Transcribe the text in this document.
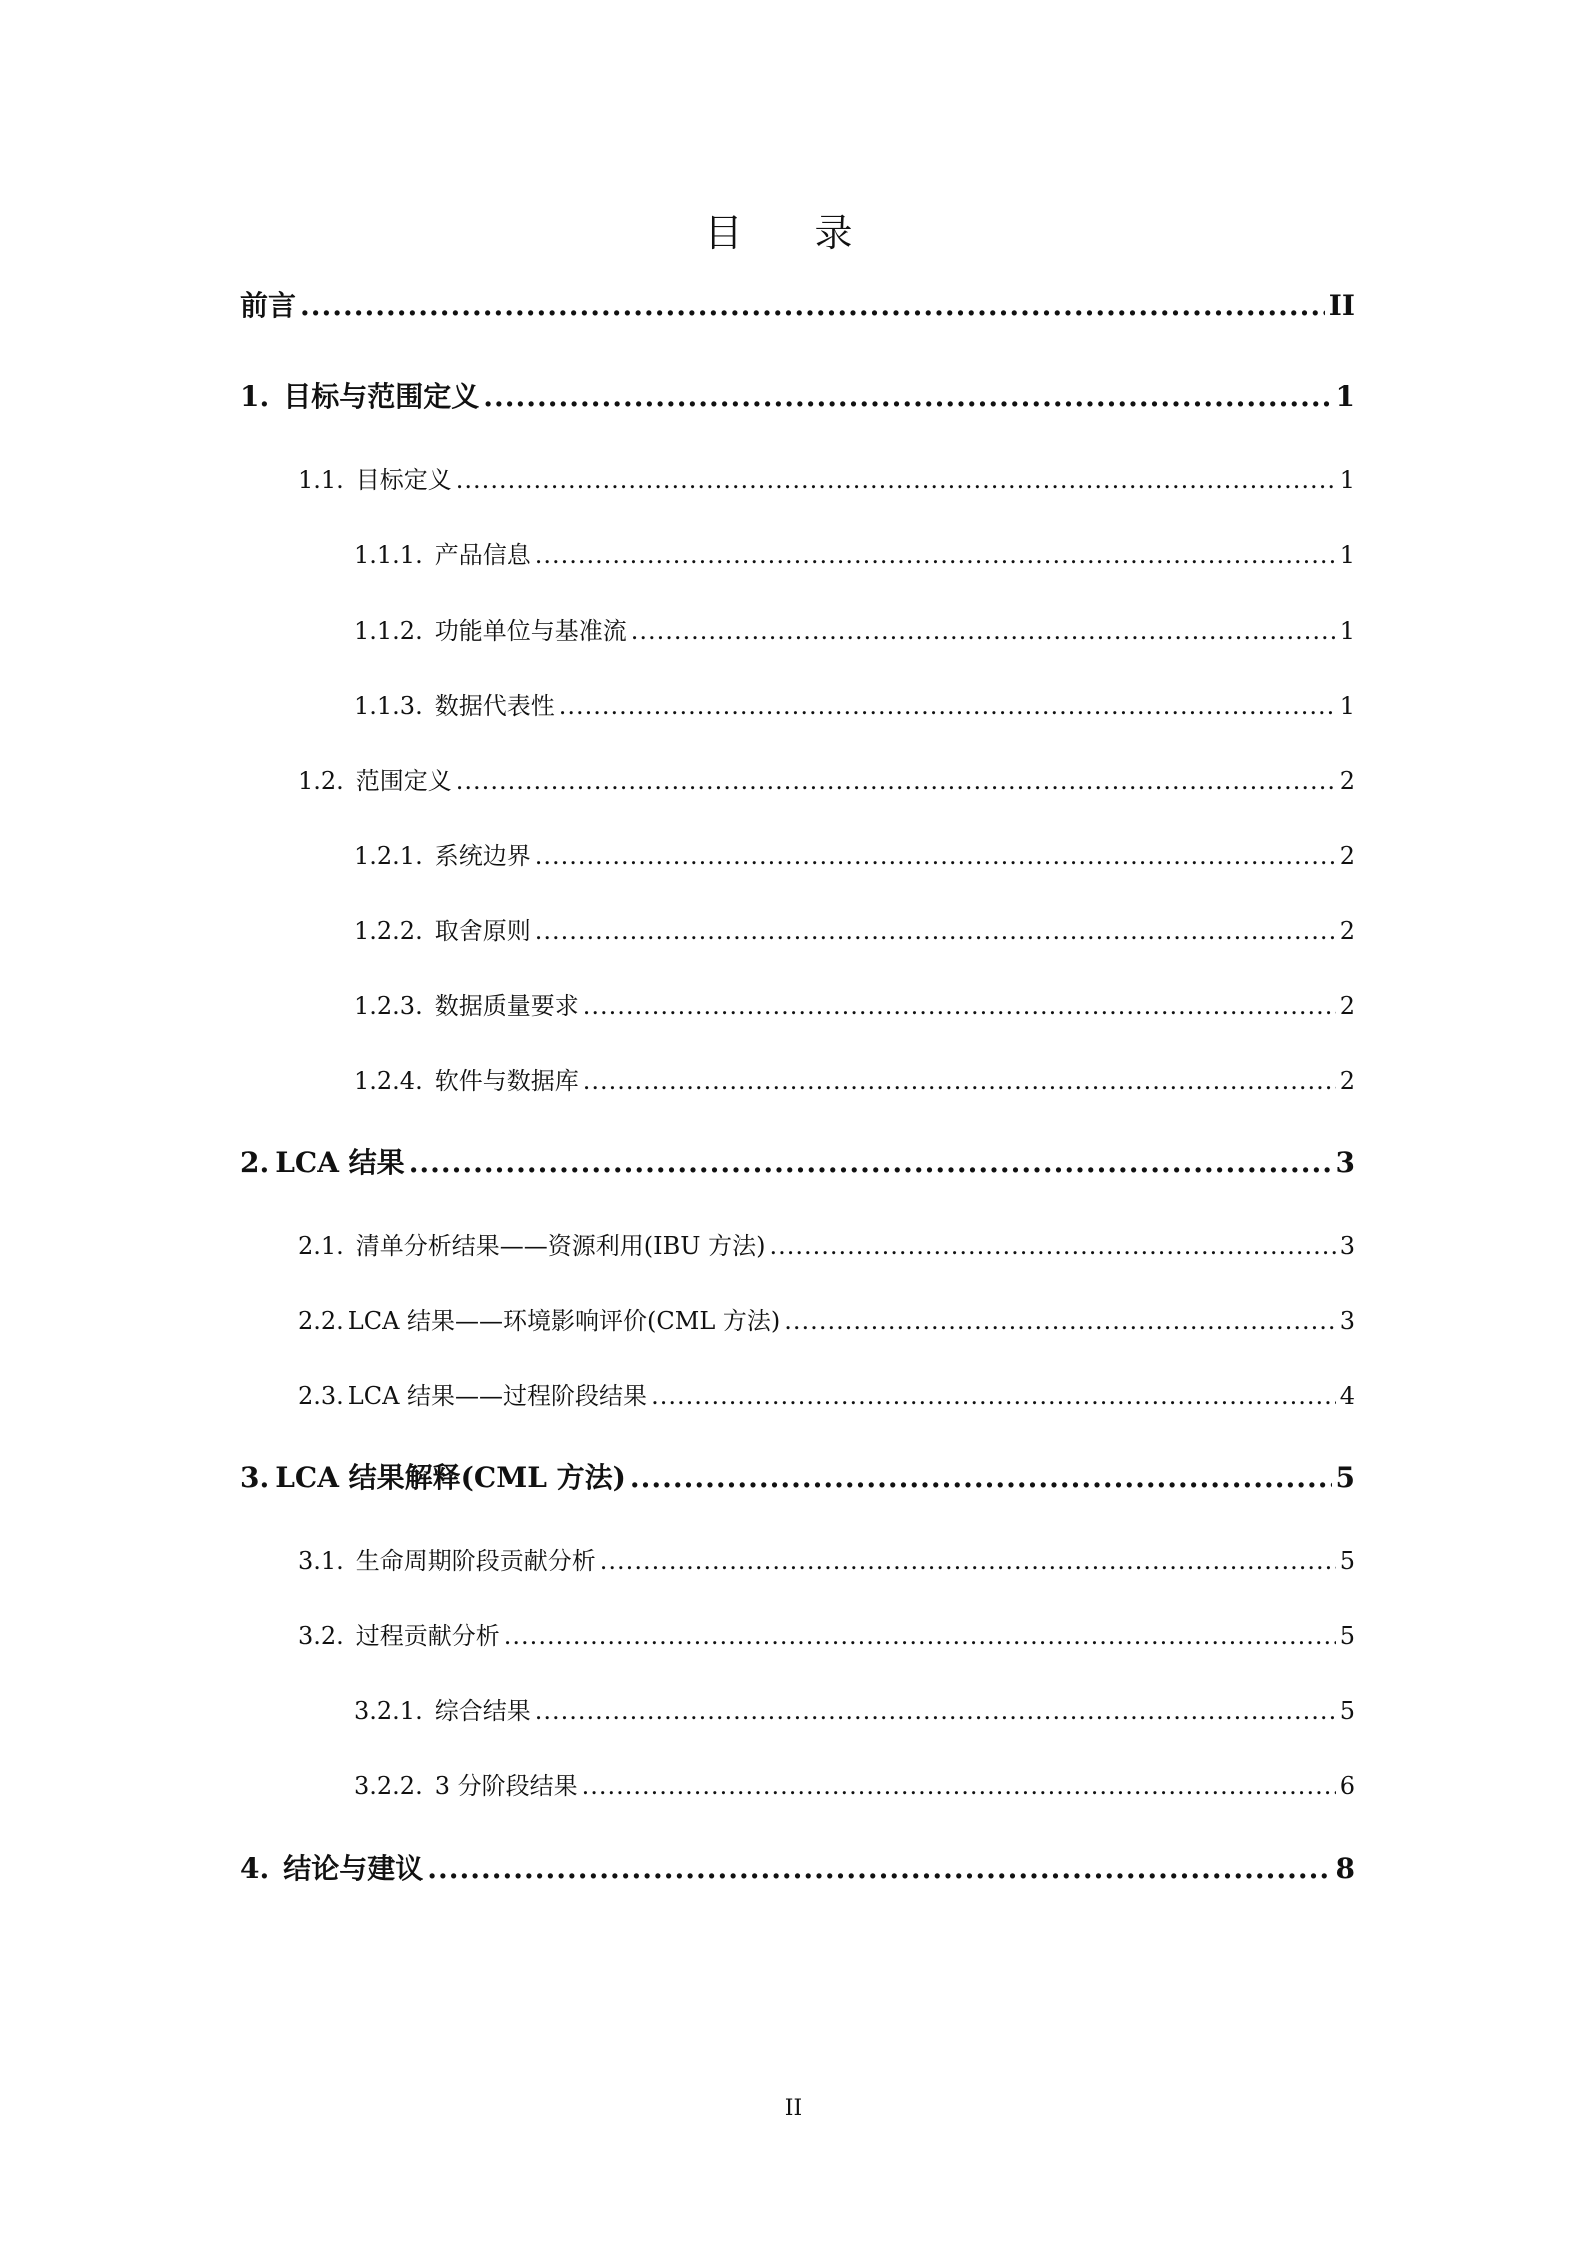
目 录
前言 .....	II
1. 目标与范围定义 .....	1
1.1. 目标定义 .....	1
1.1.1. 产品信息 .....	1
1.1.2. 功能单位与基准流 .....	1
1.1.3. 数据代表性 .....	1
1.2. 范围定义 .....	2
1.2.1. 系统边界 .....	2
1.2.2. 取舍原则 .....	2
1.2.3. 数据质量要求 .....	2
1.2.4. 软件与数据库 .....	2
2. LCA 结果 .....	3
2.1. 清单分析结果——资源利用(IBU 方法) .....	3
2.2. LCA 结果——环境影响评价(CML 方法) .....	3
2.3. LCA 结果——过程阶段结果 .....	4
3. LCA 结果解释(CML 方法) .....	5
3.1. 生命周期阶段贡献分析 .....	5
3.2. 过程贡献分析 .....	5
3.2.1. 综合结果 .....	5
3.2.2. 3 分阶段结果 .....	6
4. 结论与建议 .....	8
II
